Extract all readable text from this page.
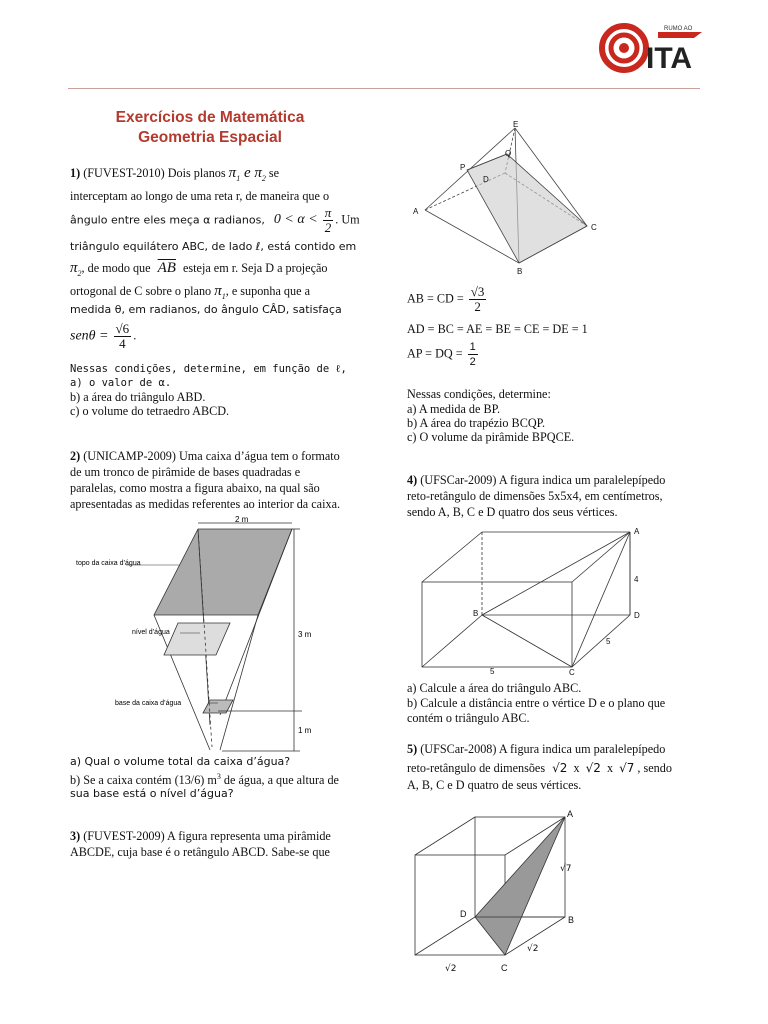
RUMO AO
ITA
Exercícios de Matemática
Geometria Espacial
1) (FUVEST-2010) Dois planos $\pi_1$ e $\pi_2$ se
interceptam ao longo de uma reta r, de maneira que o
ângulo entre eles meça α radianos, $0 < \alpha < \frac{\pi}{2}$ . Um
triângulo equilátero ABC, de lado ℓ, está contido em
$\pi_2$, de modo que $\overline{AB}$ esteja em r. Seja D a projeção
ortogonal de C sobre o plano $\pi_1$, e suponha que a
medida θ, em radianos, do ângulo CÂD, satisfaça
$sen\theta = \frac{√6}{4}$ .
Nessas condições, determine, em função de ℓ,
a) o valor de α.
b) a área do triângulo ABD.
c) o volume do tetraedro ABCD.
2) (UNICAMP-2009) Uma caixa d’água tem o formato
de um tronco de pirâmide de bases quadradas e
paralelas, como mostra a figura abaixo, na qual são
apresentadas as medidas referentes ao interior da caixa.
2 m
topo da caixa d’água
nível d’água
base da caixa d’água
3 m
1 m
a) Qual o volume total da caixa d’água?
b) Se a caixa contém (13/6) $m^3$ de água, a que altura de
sua base está o nível d’água?
3) (FUVEST-2009) A figura representa uma pirâmide
ABCDE, cuja base é o retângulo ABCD. Sabe-se que
E
Q
P
D
A
C
B
AB = CD = $\frac{√3}{2}$
AD = BC = AE = BE = CE = DE = 1
AP = DQ = $\frac{1}{2}$
Nessas condições, determine:
a) A medida de BP.
b) A área do trapézio BCQP.
c) O volume da pirâmide BPQCE.
4) (UFSCar-2009) A figura indica um paralelepípedo
reto-retângulo de dimensões 5x5x4, em centímetros,
sendo A, B, C e D quatro dos seus vértices.
A
B
C
D
4
5
5
a) Calcule a área do triângulo ABC.
b) Calcule a distância entre o vértice D e o plano que
contém o triângulo ABC.
5) (UFSCar-2008) A figura indica um paralelepípedo
reto-retângulo de dimensões √2 x √2 x √7 , sendo
A, B, C e D quatro de seus vértices.
A
B
C
D
√7
√2
√2
